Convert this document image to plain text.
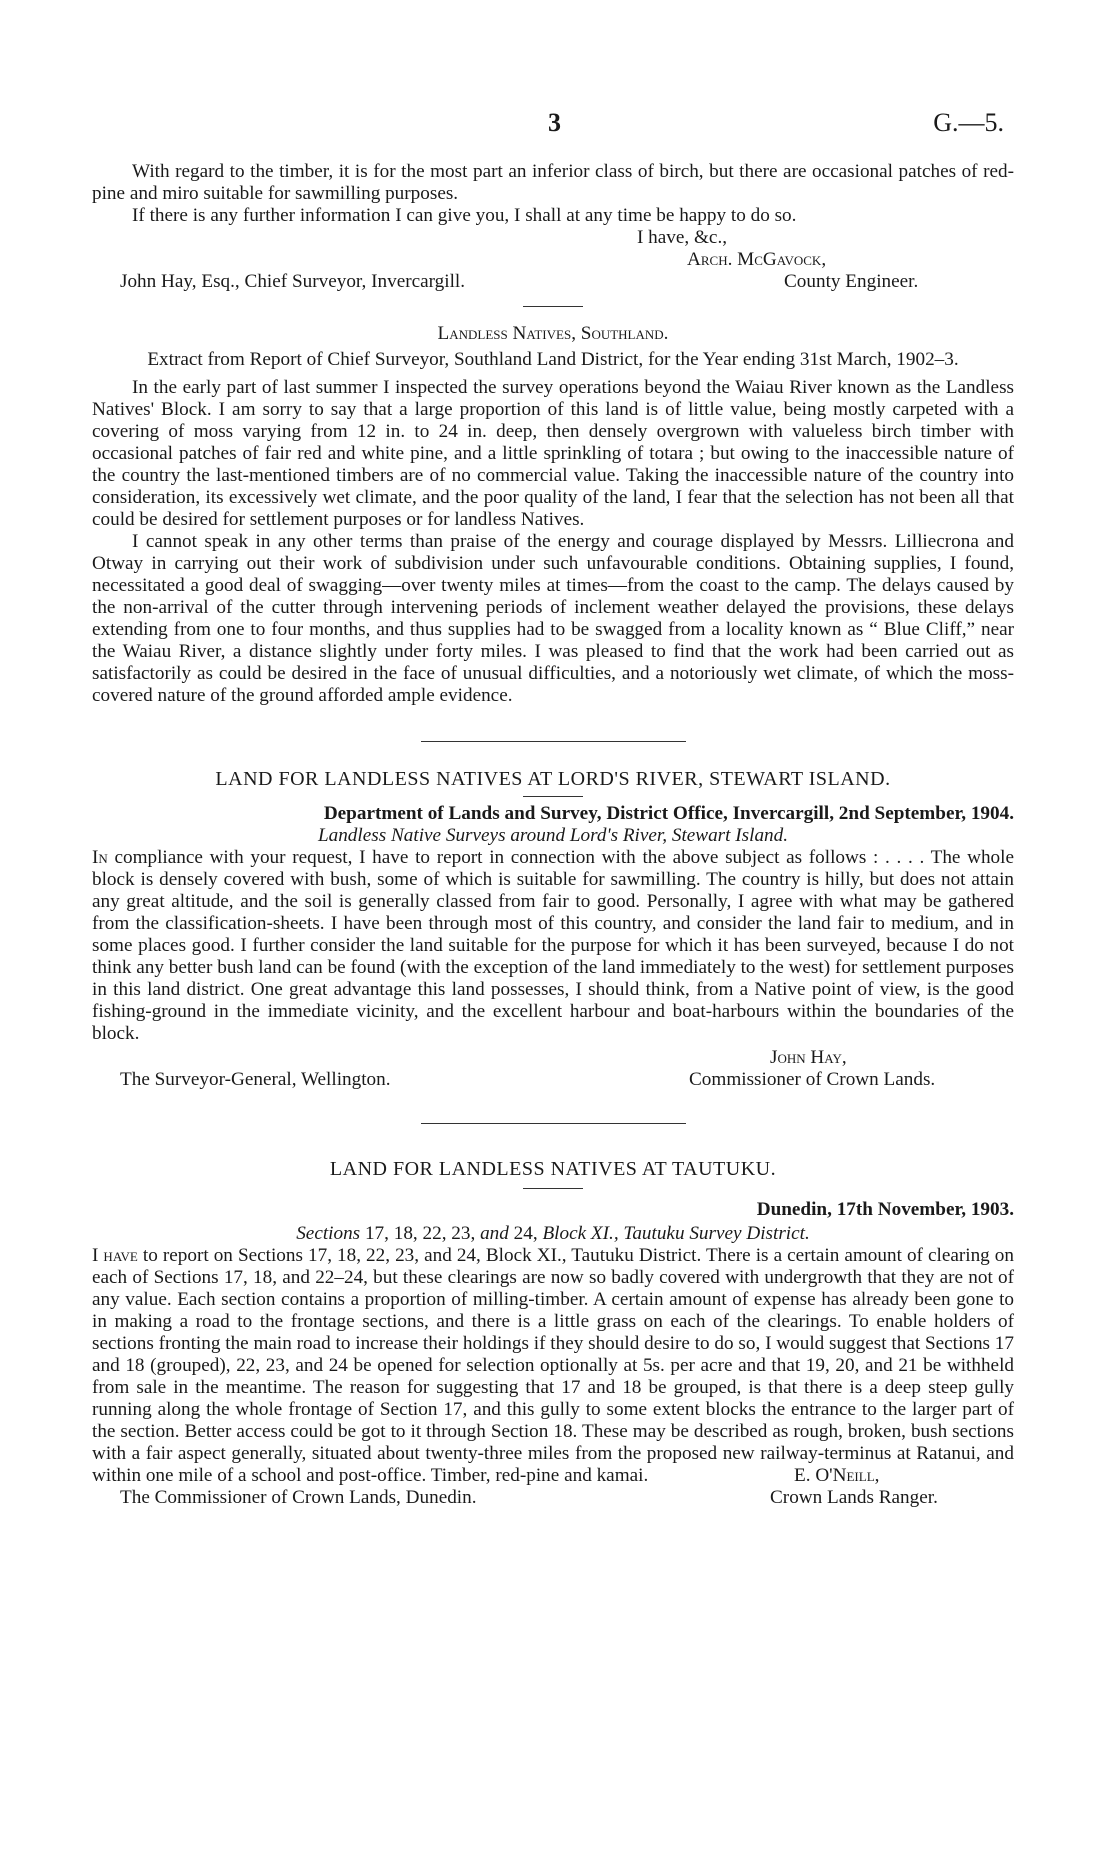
3	G.—5.

With regard to the timber, it is for the most part an inferior class of birch, but there are occasional patches of red-pine and miro suitable for sawmilling purposes.

If there is any further information I can give you, I shall at any time be happy to do so.

I have, &c.,
Arch. McGavock,
John Hay, Esq., Chief Surveyor, Invercargill.	County Engineer.

Landless Natives, Southland.

Extract from Report of Chief Surveyor, Southland Land District, for the Year ending 31st March, 1902–3.

In the early part of last summer I inspected the survey operations beyond the Waiau River known as the Landless Natives' Block. I am sorry to say that a large proportion of this land is of little value, being mostly carpeted with a covering of moss varying from 12 in. to 24 in. deep, then densely overgrown with valueless birch timber with occasional patches of fair red and white pine, and a little sprinkling of totara ; but owing to the inaccessible nature of the country the last-mentioned timbers are of no commercial value. Taking the inaccessible nature of the country into consideration, its excessively wet climate, and the poor quality of the land, I fear that the selection has not been all that could be desired for settlement purposes or for landless Natives.

I cannot speak in any other terms than praise of the energy and courage displayed by Messrs. Lilliecrona and Otway in carrying out their work of subdivision under such unfavourable conditions. Obtaining supplies, I found, necessitated a good deal of swagging—over twenty miles at times—from the coast to the camp. The delays caused by the non-arrival of the cutter through intervening periods of inclement weather delayed the provisions, these delays extending from one to four months, and thus supplies had to be swagged from a locality known as “ Blue Cliff,” near the Waiau River, a distance slightly under forty miles. I was pleased to find that the work had been carried out as satisfactorily as could be desired in the face of unusual difficulties, and a notoriously wet climate, of which the moss-covered nature of the ground afforded ample evidence.

LAND FOR LANDLESS NATIVES AT LORD'S RIVER, STEWART ISLAND.

Department of Lands and Survey, District Office, Invercargill, 2nd September, 1904.

Landless Native Surveys around Lord's River, Stewart Island.

In compliance with your request, I have to report in connection with the above subject as follows : . . . . The whole block is densely covered with bush, some of which is suitable for sawmilling. The country is hilly, but does not attain any great altitude, and the soil is generally classed from fair to good. Personally, I agree with what may be gathered from the classification-sheets. I have been through most of this country, and consider the land fair to medium, and in some places good. I further consider the land suitable for the purpose for which it has been surveyed, because I do not think any better bush land can be found (with the exception of the land immediately to the west) for settlement purposes in this land district. One great advantage this land possesses, I should think, from a Native point of view, is the good fishing-ground in the immediate vicinity, and the excellent harbour and boat-harbours within the boundaries of the block.

John Hay,
The Surveyor-General, Wellington.	Commissioner of Crown Lands.

LAND FOR LANDLESS NATIVES AT TAUTUKU.

Dunedin, 17th November, 1903.

Sections 17, 18, 22, 23, and 24, Block XI., Tautuku Survey District.

I have to report on Sections 17, 18, 22, 23, and 24, Block XI., Tautuku District. There is a certain amount of clearing on each of Sections 17, 18, and 22–24, but these clearings are now so badly covered with undergrowth that they are not of any value. Each section contains a proportion of milling-timber. A certain amount of expense has already been gone to in making a road to the frontage sections, and there is a little grass on each of the clearings. To enable holders of sections fronting the main road to increase their holdings if they should desire to do so, I would suggest that Sections 17 and 18 (grouped), 22, 23, and 24 be opened for selection optionally at 5s. per acre and that 19, 20, and 21 be withheld from sale in the meantime. The reason for suggesting that 17 and 18 be grouped, is that there is a deep steep gully running along the whole frontage of Section 17, and this gully to some extent blocks the entrance to the larger part of the section. Better access could be got to it through Section 18. These may be described as rough, broken, bush sections with a fair aspect generally, situated about twenty-three miles from the proposed new railway-terminus at Ratanui, and within one mile of a school and post-office. Timber, red-pine and kamai.	E. O'Neill,
The Commissioner of Crown Lands, Dunedin.	Crown Lands Ranger.
